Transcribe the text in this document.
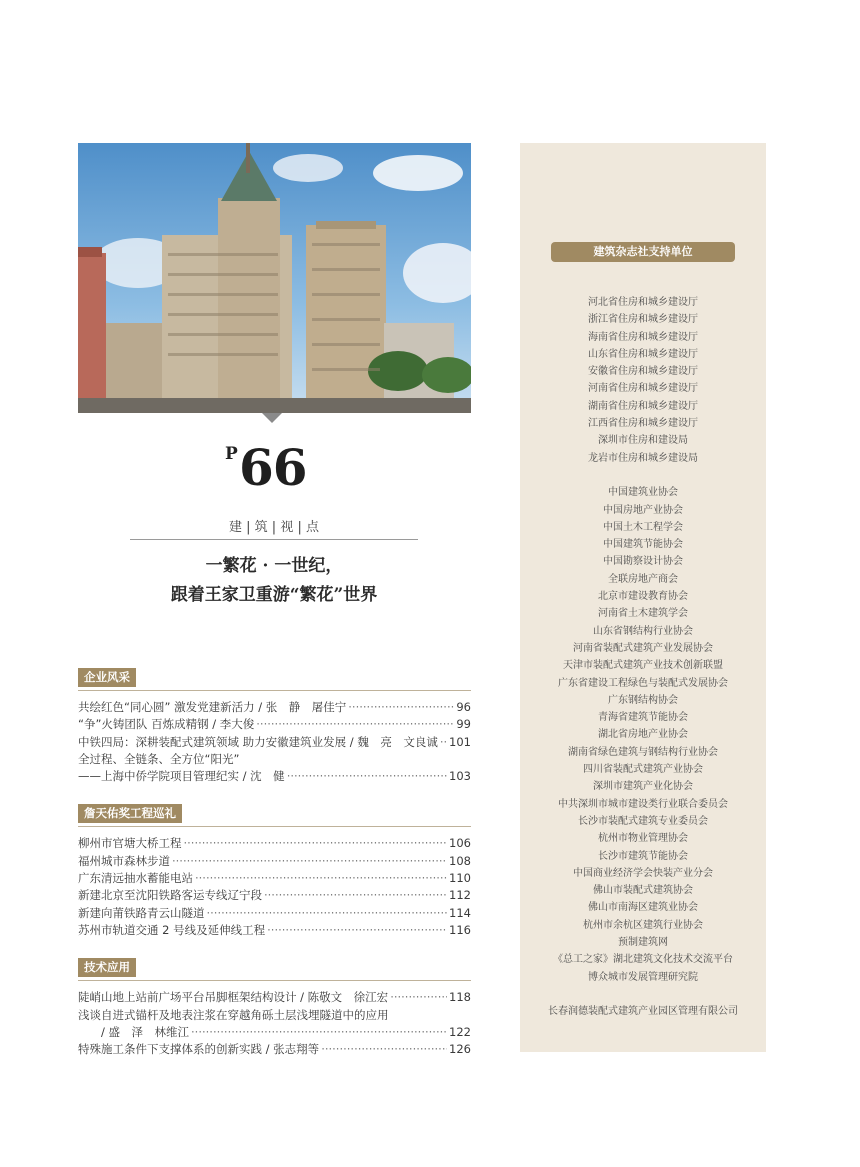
P 66
建 | 筑 | 视 | 点
一繁花 · 一世纪，
跟着王家卫重游“繁花”世界
企业风采
共绘红色“同心圆” 激发党建新活力 / 张　静　屠佳宁 ·····	96
“争”火铸团队 百炼成精钢 / 李大俊 ·····	99
中铁四局：深耕装配式建筑领域 助力安徽建筑业发展 / 魏　亮　文良诚 ····· 101
全过程、全链条、全方位“阳光”
——上海中侨学院项目管理纪实 / 沈　健 ·····	103
詹天佑奖工程巡礼
柳州市官塘大桥工程 ·····	106
福州城市森林步道 ·····	108
广东清远抽水蓄能电站 ·····	110
新建北京至沈阳铁路客运专线辽宁段 ·····	112
新建向莆铁路青云山隧道 ·····	114
苏州市轨道交通 2 号线及延伸线工程 ·····	116
技术应用
陡峭山地上站前广场平台吊脚框架结构设计 / 陈敬文　徐江宏 ·····	118
浅谈自进式锚杆及地表注浆在穿越角砾土层浅埋隧道中的应用
　　/ 盛　泽　林维江 ·····	122
特殊施工条件下支撑体系的创新实践 / 张志翔等 ·····	126
建筑杂志社支持单位
河北省住房和城乡建设厅
浙江省住房和城乡建设厅
海南省住房和城乡建设厅
山东省住房和城乡建设厅
安徽省住房和城乡建设厅
河南省住房和城乡建设厅
湖南省住房和城乡建设厅
江西省住房和城乡建设厅
深圳市住房和建设局
龙岩市住房和城乡建设局
中国建筑业协会
中国房地产业协会
中国土木工程学会
中国建筑节能协会
中国勘察设计协会
全联房地产商会
北京市建设教育协会
河南省土木建筑学会
山东省钢结构行业协会
河南省装配式建筑产业发展协会
天津市装配式建筑产业技术创新联盟
广东省建设工程绿色与装配式发展协会
广东钢结构协会
青海省建筑节能协会
湖北省房地产业协会
湖南省绿色建筑与钢结构行业协会
四川省装配式建筑产业协会
深圳市建筑产业化协会
中共深圳市城市建设类行业联合委员会
长沙市装配式建筑专业委员会
杭州市物业管理协会
长沙市建筑节能协会
中国商业经济学会快装产业分会
佛山市装配式建筑协会
佛山市南海区建筑业协会
杭州市余杭区建筑行业协会
预制建筑网
《总工之家》湖北建筑文化技术交流平台
博众城市发展管理研究院
长春润德装配式建筑产业园区管理有限公司
